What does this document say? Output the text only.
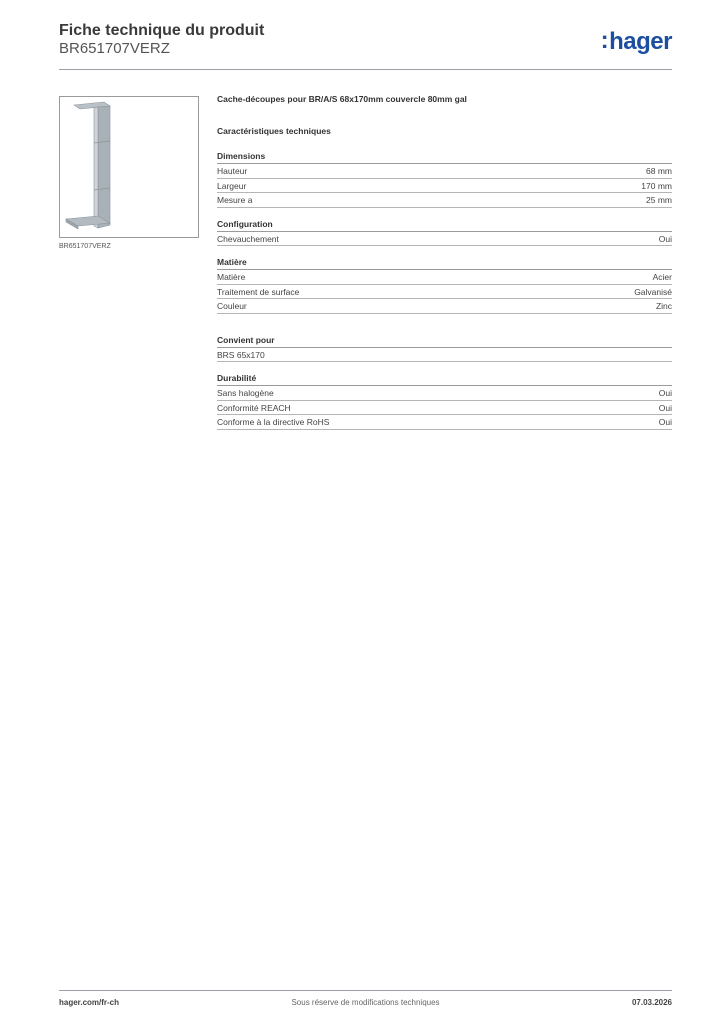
Fiche technique du produit
BR651707VERZ	:hager
BR651707VERZ
Cache-découpes pour BR/A/S 68x170mm couvercle 80mm gal
Caractéristiques techniques
Dimensions
Hauteur	68 mm
Largeur	170 mm
Mesure a	25 mm
Configuration
Chevauchement	Oui
Matière
Matière	Acier
Traitement de surface	Galvanisé
Couleur	Zinc
Convient pour
BRS 65x170
Durabilité
Sans halogène	Oui
Conformité REACH	Oui
Conforme à la directive RoHS	Oui
Sous réserve de modifications techniques
hager.com/fr-ch	07.03.2026
